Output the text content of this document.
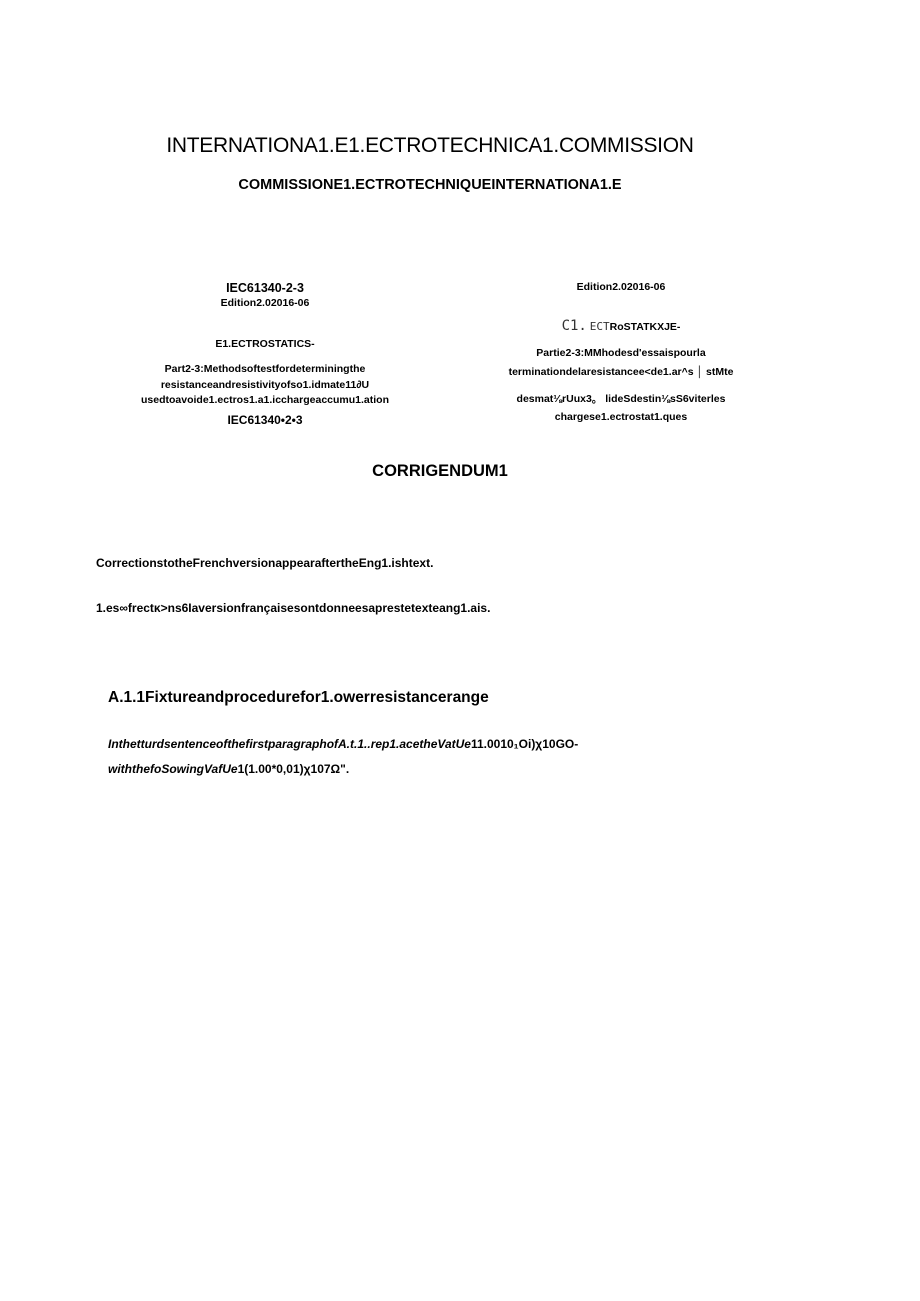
INTERNATIONA1.E1.ECTROTECHNICA1.COMMISSION
COMMISSIONE1.ECTROTECHNIQUEINTERNATIONA1.E
IEC61340-2-3
Edition2.02016-06
E1.ECTROSTATICS-
Part2-3:Methodsoftestfordeterminingthe
resistanceandresistivityofso1.idmate11∂U
usedtoavoide1.ectros1.a1.icchargeaccumu1.ation
IEC61340•2•3
Edition2.02016-06
C1. ECTRoSTATKXJE-
Partie2-3:MMhodesd'essaispourla
terminationdelaresistancee<de1.ar^s │ stMte
desmat⅛rUux3。 lideSdestin⅛sS6viterles
chargese1.ectrostat1.ques
CORRIGENDUM1
CorrectionstotheFrenchversionappearaftertheEng1.ishtext.
1.es∞frectκ>ns6Iaversionfrançaisesontdonneesaprestetexteang1.ais.
A.1.1Fixtureandprocedurefor1.owerresistancerange
InthetturdsentenceofthefirstparagraphofA.t.1..rep1.acetheVatUe11.0010₁Oi)χ10GO-
withthefoSowingVafUe1(1.00*0,01)χ107Ω".
